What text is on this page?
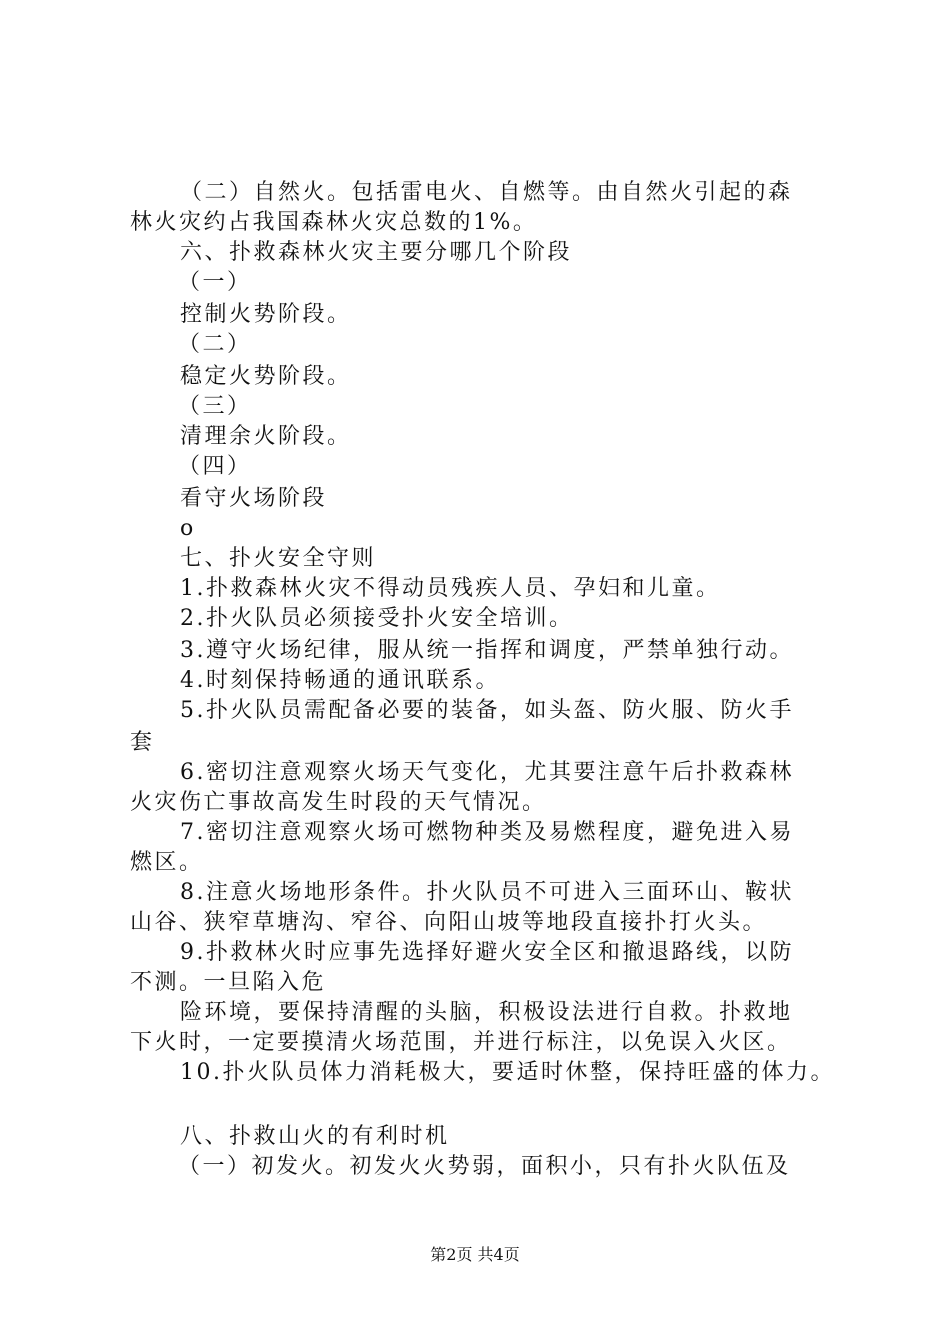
（二）自然火。包括雷电火、自燃等。由自然火引起的森
林火灾约占我国森林火灾总数的1%。
六、扑救森林火灾主要分哪几个阶段
（一）
控制火势阶段。
（二）
稳定火势阶段。
（三）
清理余火阶段。
（四）
看守火场阶段
o
七、扑火安全守则
1.扑救森林火灾不得动员残疾人员、孕妇和儿童。
2.扑火队员必须接受扑火安全培训。
3.遵守火场纪律，服从统一指挥和调度，严禁单独行动。
4.时刻保持畅通的通讯联系。
5.扑火队员需配备必要的装备，如头盔、防火服、防火手
套
6.密切注意观察火场天气变化，尤其要注意午后扑救森林
火灾伤亡事故高发生时段的天气情况。
7.密切注意观察火场可燃物种类及易燃程度，避免进入易
燃区。
8.注意火场地形条件。扑火队员不可进入三面环山、鞍状
山谷、狭窄草塘沟、窄谷、向阳山坡等地段直接扑打火头。
9.扑救林火时应事先选择好避火安全区和撤退路线，以防
不测。一旦陷入危
险环境，要保持清醒的头脑，积极设法进行自救。扑救地
下火时，一定要摸清火场范围，并进行标注，以免误入火区。
10.扑火队员体力消耗极大，要适时休整，保持旺盛的体力。
八、扑救山火的有利时机
（一）初发火。初发火火势弱，面积小，只有扑火队伍及
第2页 共4页
